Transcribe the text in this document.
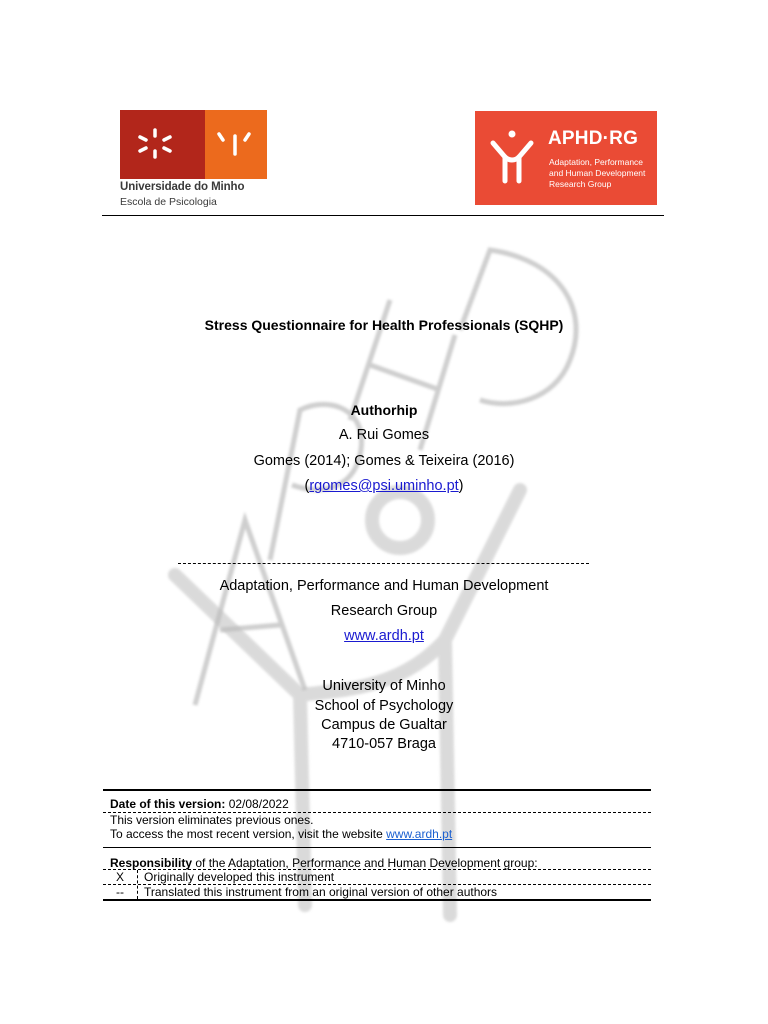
Universidade do Minho
Escola de Psicologia
APHD·RG
Adaptation, Performance
and Human Development
Research Group
Stress Questionnaire for Health Professionals (SQHP)
Authorhip
A. Rui Gomes
Gomes (2014); Gomes & Teixeira (2016)
(rgomes@psi.uminho.pt)
Adaptation, Performance and Human Development
Research Group
www.ardh.pt
University of Minho
School of Psychology
Campus de Gualtar
4710-057 Braga
Date of this version: 02/08/2022
This version eliminates previous ones.
To access the most recent version, visit the website www.ardh.pt
Responsibility of the Adaptation, Performance and Human Development group:
X	Originally developed this instrument
--	Translated this instrument from an original version of other authors
